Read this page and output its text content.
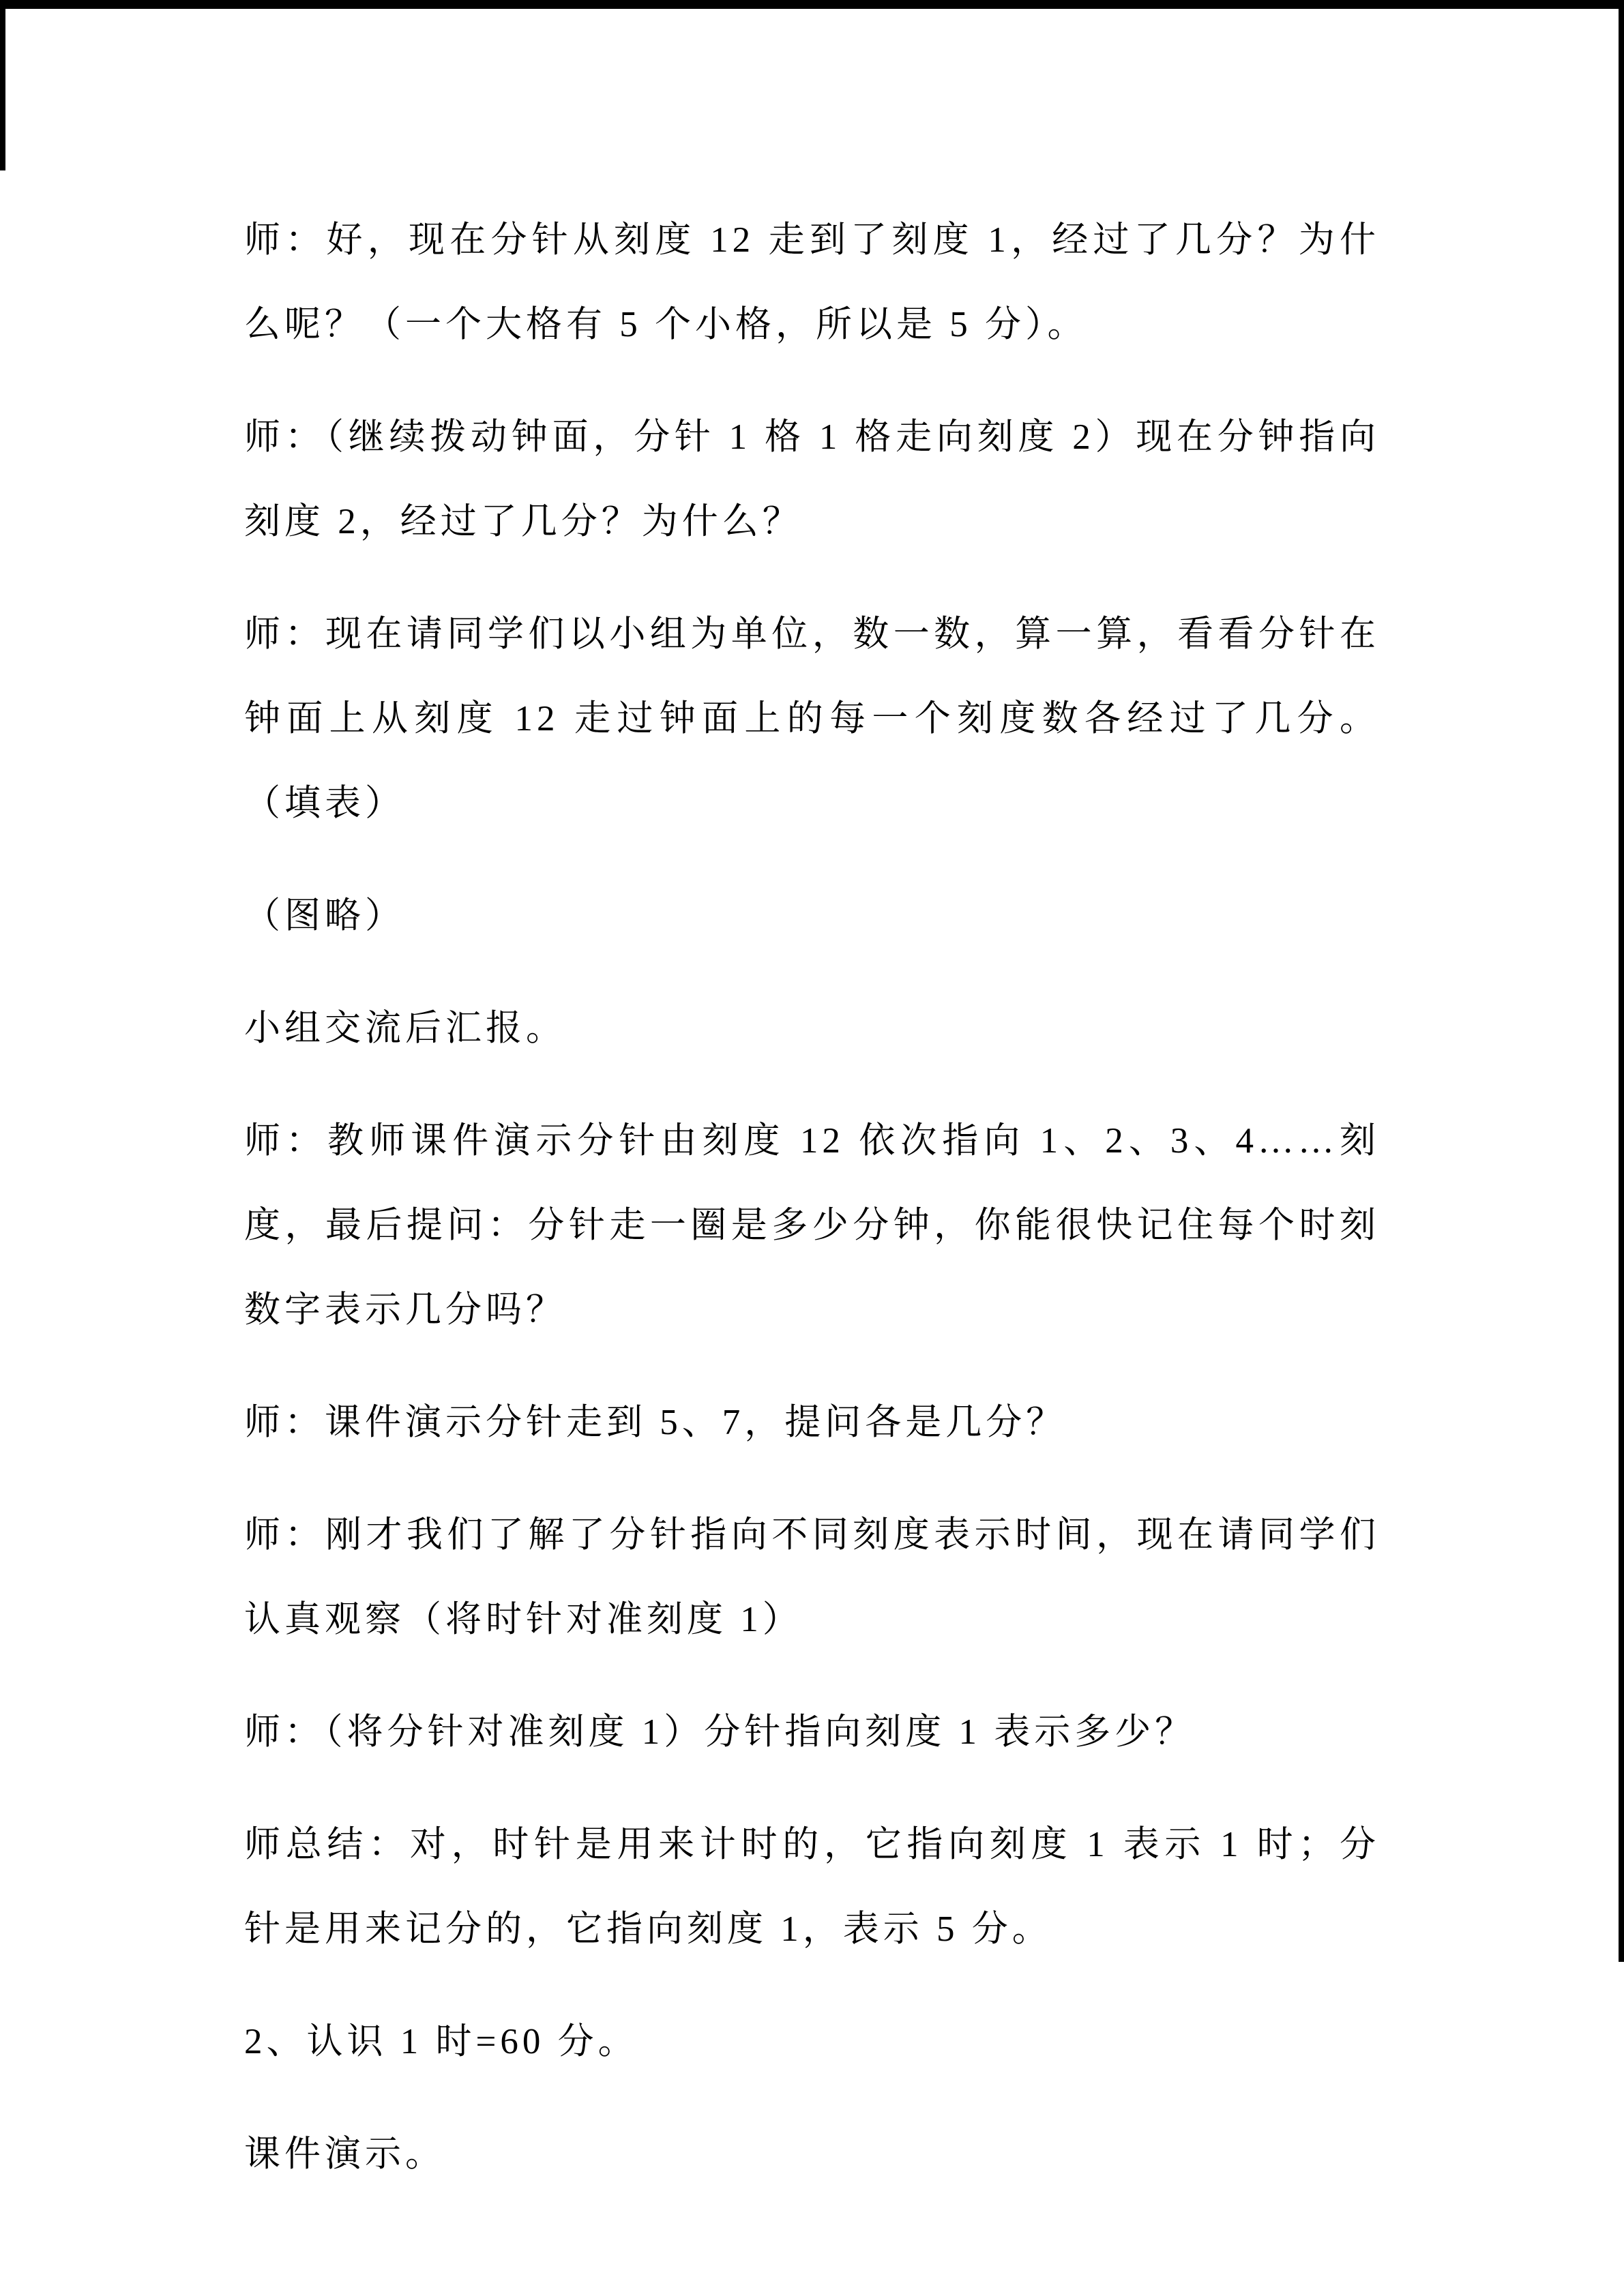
师：好，现在分针从刻度 12 走到了刻度 1，经过了几分？为什么呢？（一个大格有 5 个小格，所以是 5 分）。

师：（继续拨动钟面，分针 1 格 1 格走向刻度 2）现在分钟指向刻度 2，经过了几分？为什么？

师：现在请同学们以小组为单位，数一数，算一算，看看分针在钟面上从刻度 12 走过钟面上的每一个刻度数各经过了几分。（填表）

（图略）

小组交流后汇报。

师：教师课件演示分针由刻度 12 依次指向 1、2、3、4……刻度，最后提问：分针走一圈是多少分钟，你能很快记住每个时刻数字表示几分吗？

师：课件演示分针走到 5、7，提问各是几分？

师：刚才我们了解了分针指向不同刻度表示时间，现在请同学们认真观察（将时针对准刻度 1）

师：（将分针对准刻度 1）分针指向刻度 1 表示多少？

师总结：对，时针是用来计时的，它指向刻度 1 表示 1 时；分针是用来记分的，它指向刻度 1，表示 5 分。

2、认识 1 时=60 分。

课件演示。
